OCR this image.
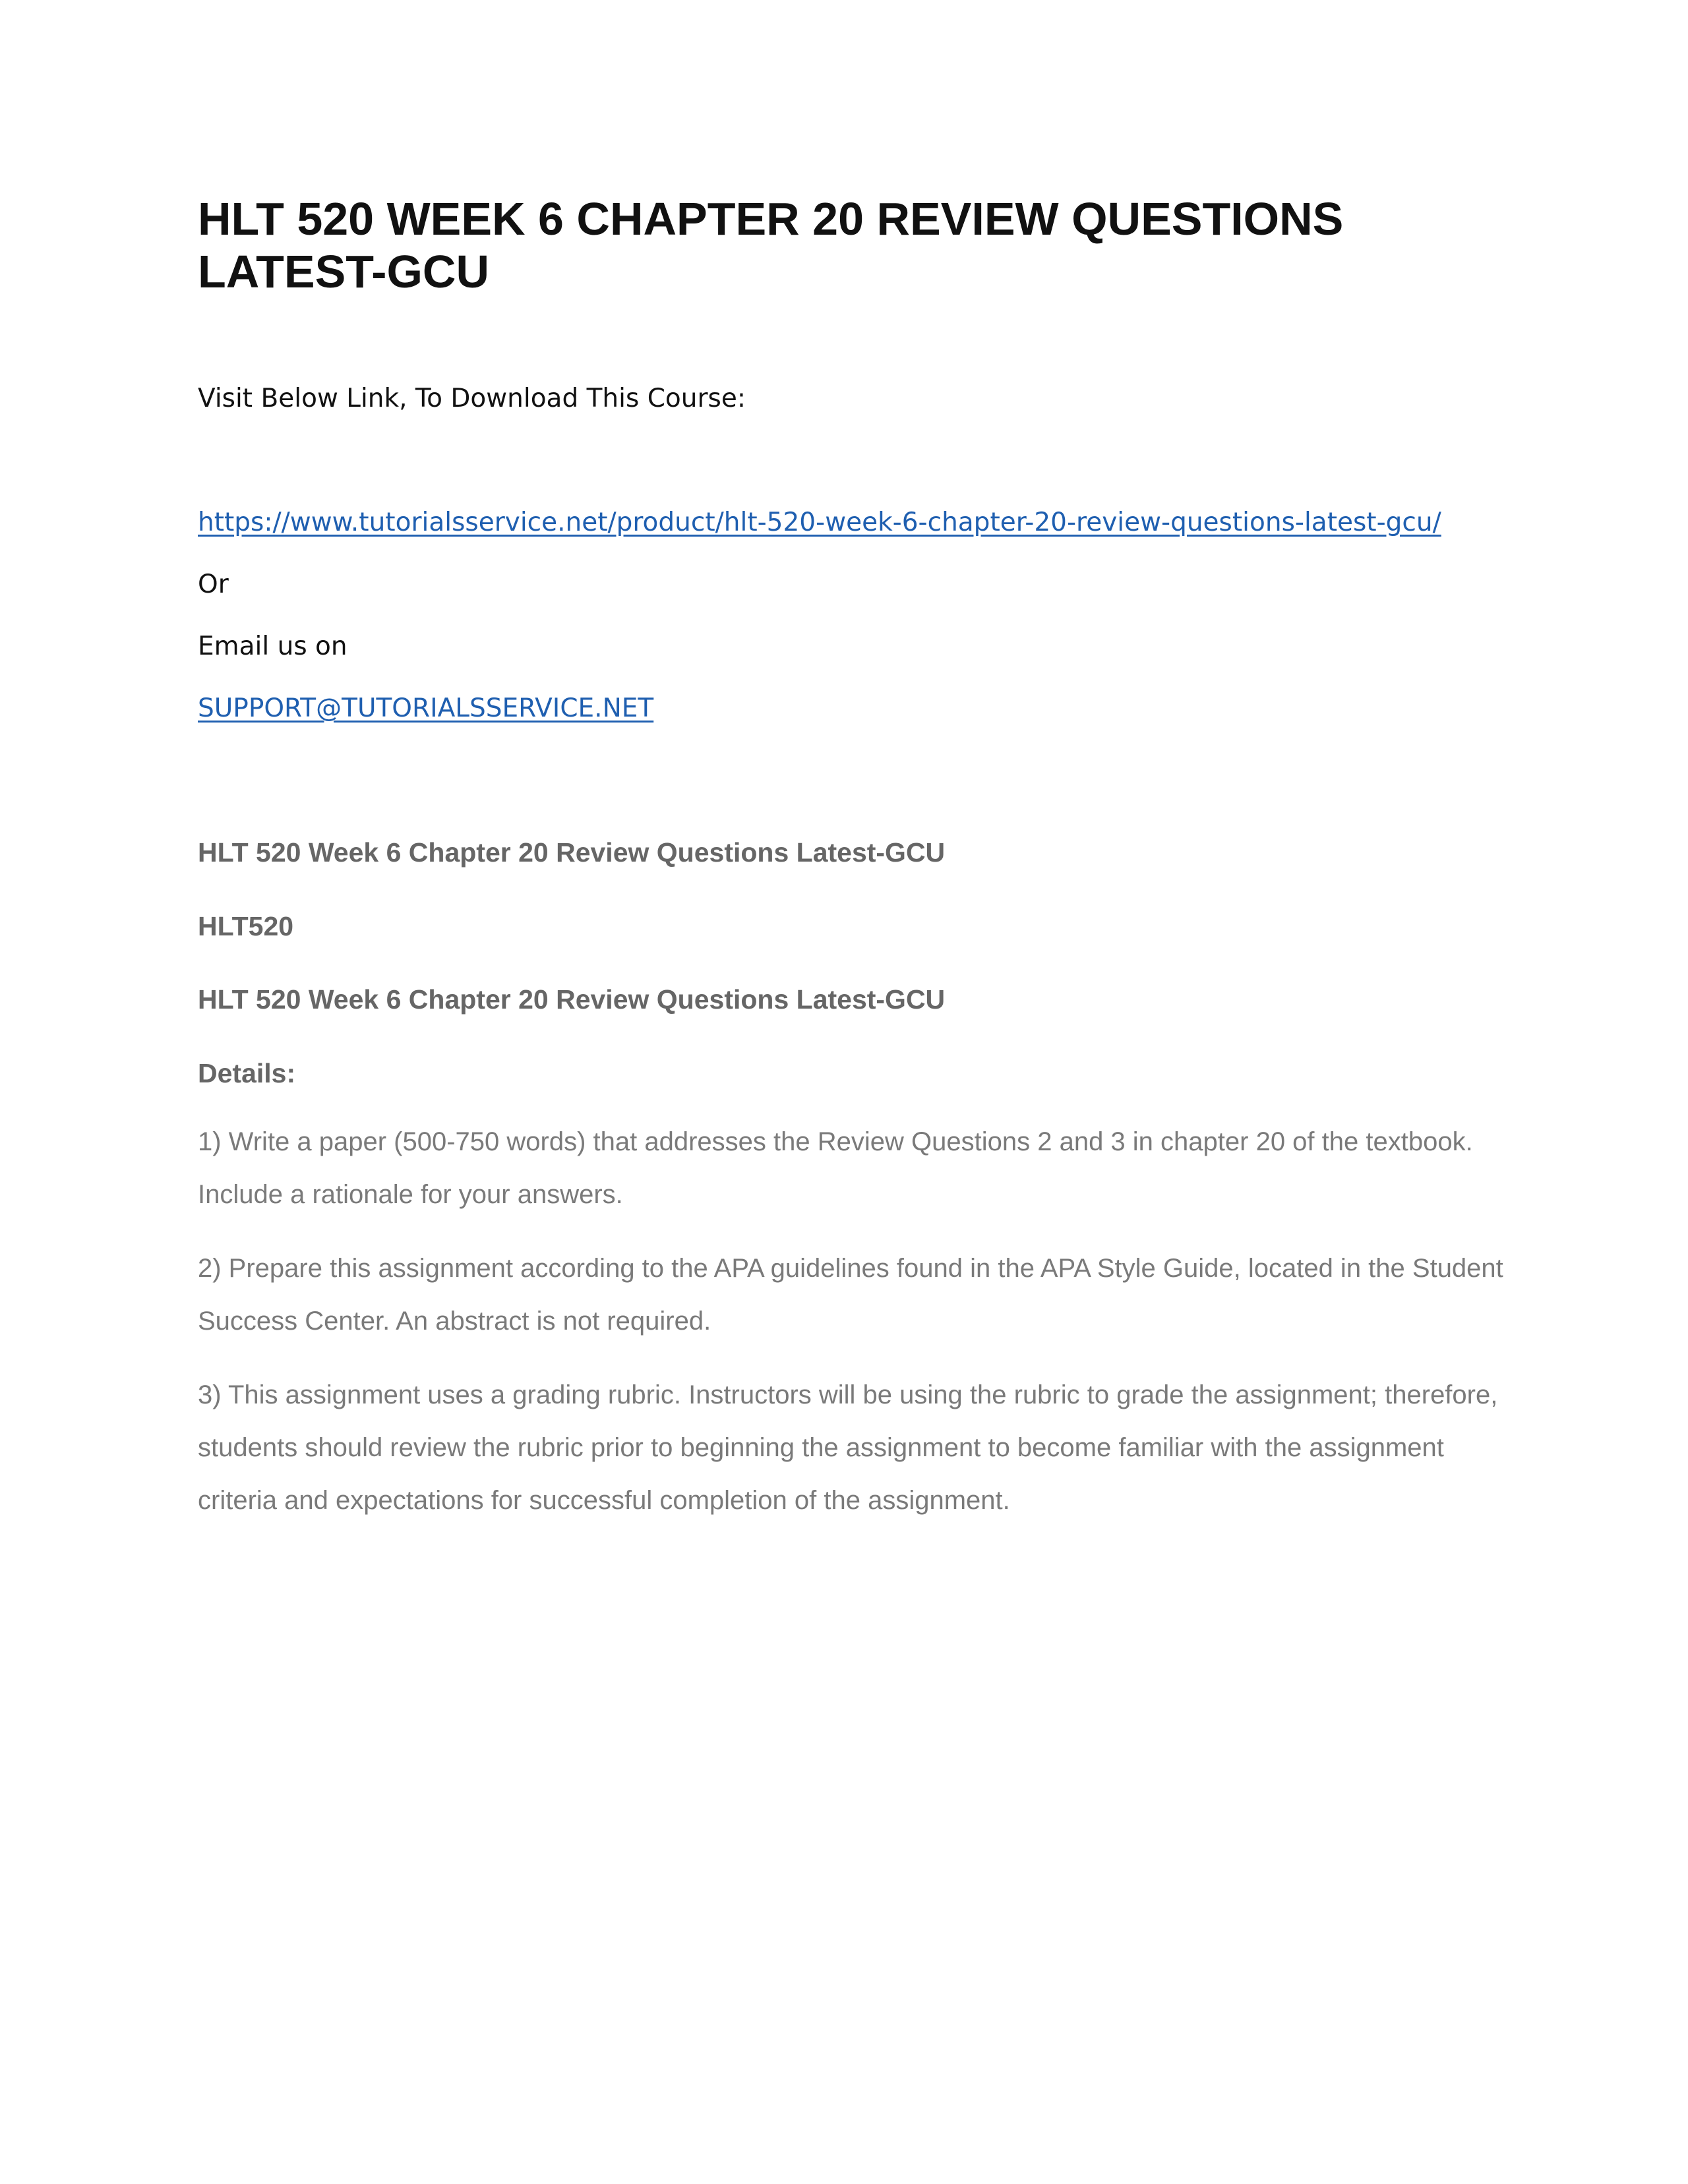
HLT 520 WEEK 6 CHAPTER 20 REVIEW QUESTIONS LATEST-GCU

Visit Below Link, To Download This Course:

https://www.tutorialsservice.net/product/hlt-520-week-6-chapter-20-review-questions-latest-gcu/

Or

Email us on

SUPPORT@TUTORIALSSERVICE.NET

HLT 520 Week 6 Chapter 20 Review Questions Latest-GCU

HLT520

HLT 520 Week 6 Chapter 20 Review Questions Latest-GCU

Details:

1) Write a paper (500-750 words) that addresses the Review Questions 2 and 3 in chapter 20 of the textbook. Include a rationale for your answers.

2) Prepare this assignment according to the APA guidelines found in the APA Style Guide, located in the Student Success Center. An abstract is not required.

3) This assignment uses a grading rubric. Instructors will be using the rubric to grade the assignment; therefore, students should review the rubric prior to beginning the assignment to become familiar with the assignment criteria and expectations for successful completion of the assignment.
